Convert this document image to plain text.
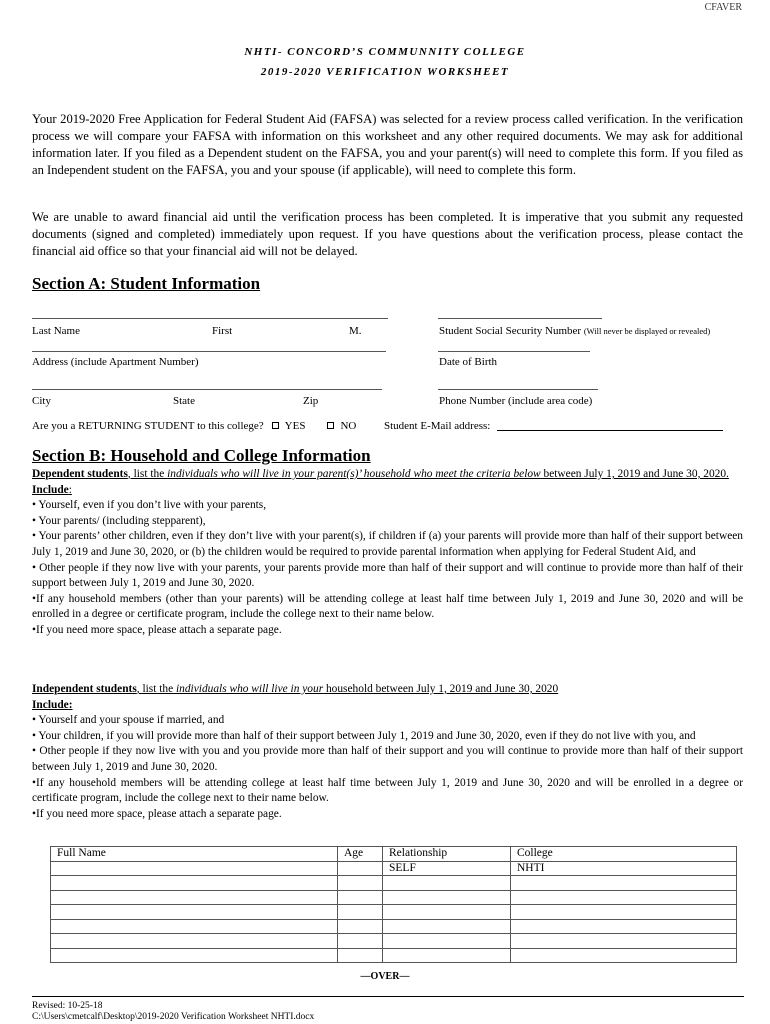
CFAVER
NHTI- CONCORD’S COMMUNNITY COLLEGE
2019-2020 VERIFICATION WORKSHEET
Your 2019-2020 Free Application for Federal Student Aid (FAFSA) was selected for a review process called verification. In the verification process we will compare your FAFSA with information on this worksheet and any other required documents. We may ask for additional information later. If you filed as a Dependent student on the FAFSA, you and your parent(s) will need to complete this form. If you filed as an Independent student on the FAFSA, you and your spouse (if applicable), will need to complete this form.
We are unable to award financial aid until the verification process has been completed. It is imperative that you submit any requested documents (signed and completed) immediately upon request. If you have questions about the verification process, please contact the financial aid office so that your financial aid will not be delayed.
Section A: Student Information
Last Name	First	M.	Student Social Security Number (Will never be displayed or revealed)
Address (include Apartment Number)	Date of Birth
City	State	Zip	Phone Number (include area code)
Are you a RETURNING STUDENT to this college? YES	NO	Student E-Mail address:
Section B: Household and College Information
Dependent students, list the individuals who will live in your parent(s)’ household who meet the criteria below between July 1, 2019 and June 30, 2020.
Include:
• Yourself, even if you don’t live with your parents,
• Your parents/ (including stepparent),
• Your parents’ other children, even if they don’t live with your parent(s), if children if (a) your parents will provide more than half of their support between July 1, 2019 and June 30, 2020, or (b) the children would be required to provide parental information when applying for Federal Student Aid, and
• Other people if they now live with your parents, your parents provide more than half of their support and will continue to provide more than half of their support between July 1, 2019 and June 30, 2020.
•If any household members (other than your parents) will be attending college at least half time between July 1, 2019 and June 30, 2020 and will be enrolled in a degree or certificate program, include the college next to their name below.
•If you need more space, please attach a separate page.
Independent students, list the individuals who will live in your household between July 1, 2019 and June 30, 2020
Include:
• Yourself and your spouse if married, and
• Your children, if you will provide more than half of their support between July 1, 2019 and June 30, 2020, even if they do not live with you, and
• Other people if they now live with you and you provide more than half of their support and you will continue to provide more than half of their support between July 1, 2019 and June 30, 2020.
•If any household members will be attending college at least half time between July 1, 2019 and June 30, 2020 and will be enrolled in a degree or certificate program, include the college next to their name below.
•If you need more space, please attach a separate page.
Full Name	Age	Relationship	College
		SELF	NHTI

—OVER—
Revised: 10-25-18
C:\Users\cmetcalf\Desktop\2019-2020 Verification Worksheet NHTI.docx
